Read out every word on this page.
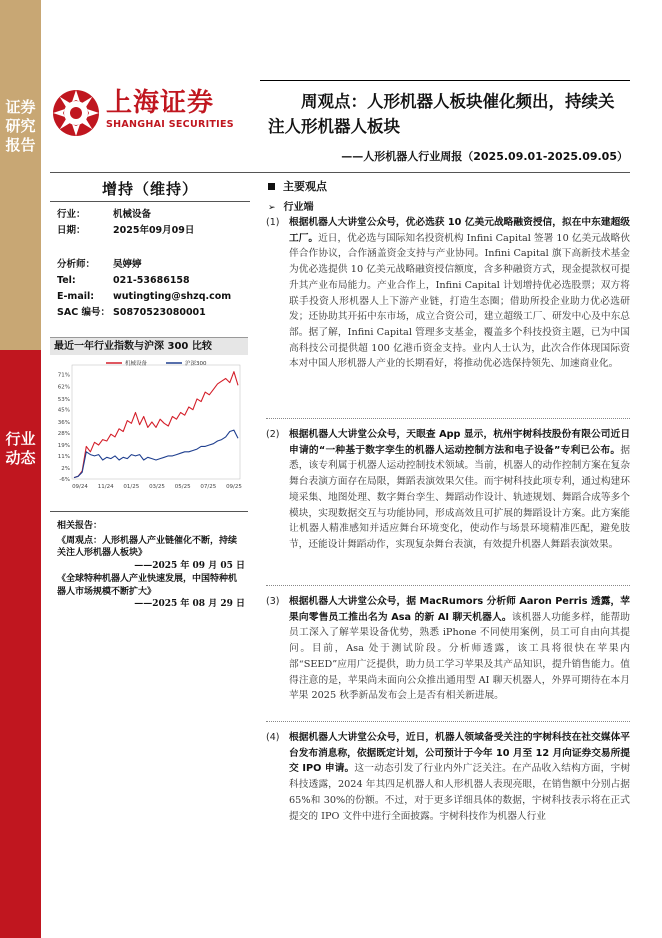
证券研究报告
行业动态
上海证券
SHANGHAI SECURITIES
周观点：人形机器人板块催化频出，持续关注人形机器人板块
——人形机器人行业周报（2025.09.01-2025.09.05）
增持（维持）
行业：	机械设备
日期：	2025年09月09日
分析师： 吴婷婷
Tel:	021-53686158
E-mail: wutingting@shzq.com
SAC 编号： S0870523080001
最近一年行业指数与沪深 300 比较
71%
62%
53%
45%
36%
28%
19%
11%
2%
-6%
09/24 11/24 01/25 03/25 05/25 07/25 09/25
机械设备	沪深300
相关报告：
《周观点：人形机器人产业链催化不断，持续关注人形机器人板块》
——2025 年 09 月 05 日
《全球特种机器人产业快速发展，中国特种机器人市场规模不断扩大》
——2025 年 08 月 29 日
主要观点
➢ 行业端
(1) 根据机器人大讲堂公众号，优必选获 10 亿美元战略融资授信，拟在中东建超级工厂。近日，优必选与国际知名投资机构 Infini Capital 签署 10 亿美元战略伙伴合作协议，合作涵盖资金支持与产业协同。Infini Capital 旗下高新技术基金为优必选提供 10 亿美元战略融资授信额度，含多种融资方式，现金提款权可提升其产业布局能力。产业合作上，Infini Capital 计划增持优必选股票；双方将联手投资人形机器人上下游产业链，打造生态圈；借助所投企业助力优必选研发；还协助其开拓中东市场，成立合资公司，建立超级工厂、研发中心及中东总部。据了解，Infini Capital 管理多支基金，覆盖多个科技投资主题，已为中国高科技公司提供超 100 亿港币资金支持。业内人士认为，此次合作体现国际资本对中国人形机器人产业的长期看好，将推动优必选保持领先、加速商业化。
(2) 根据机器人大讲堂公众号，天眼查 App 显示，杭州宇树科技股份有限公司近日申请的“一种基于数字孪生的机器人运动控制方法和电子设备”专利已公布。据悉，该专利属于机器人运动控制技术领域。当前，机器人的动作控制方案在复杂舞台表演方面存在局限，舞蹈表演效果欠佳。而宇树科技此项专利，通过构建环境采集、地图处理、数字舞台孪生、舞蹈动作设计、轨迹规划、舞蹈合成等多个模块，实现数据交互与功能协同，形成高效且可扩展的舞蹈设计方案。此方案能让机器人精准感知并适应舞台环境变化，使动作与场景环境精准匹配，避免肢节，还能设计舞蹈动作，实现复杂舞台表演，有效提升机器人舞蹈表演效果。
(3) 根据机器人大讲堂公众号，据 MacRumors 分析师 Aaron Perris 透露，苹果向零售员工推出名为 Asa 的新 AI 聊天机器人。该机器人功能多样，能帮助员工深入了解苹果设备优势，熟悉 iPhone 不同使用案例，员工可自由向其提问。目前，Asa 处于测试阶段。分析师透露，该工具将很快在苹果内部“SEED”应用广泛提供，助力员工学习苹果及其产品知识，提升销售能力。值得注意的是，苹果尚未面向公众推出通用型 AI 聊天机器人，外界可期待在本月苹果 2025 秋季新品发布会上是否有相关新进展。
(4) 根据机器人大讲堂公众号，近日，机器人领域备受关注的宇树科技在社交媒体平台发布消息称，依据既定计划，公司预计于今年 10 月至 12 月向证券交易所提交 IPO 申请。这一动态引发了行业内外广泛关注。在产品收入结构方面，宇树科技透露，2024 年其四足机器人和人形机器人表现亮眼，在销售额中分别占据 65%和 30%的份额。不过，对于更多详细具体的数据，宇树科技表示将在正式提交的 IPO 文件中进行全面披露。宇树科技作为机器人行业
